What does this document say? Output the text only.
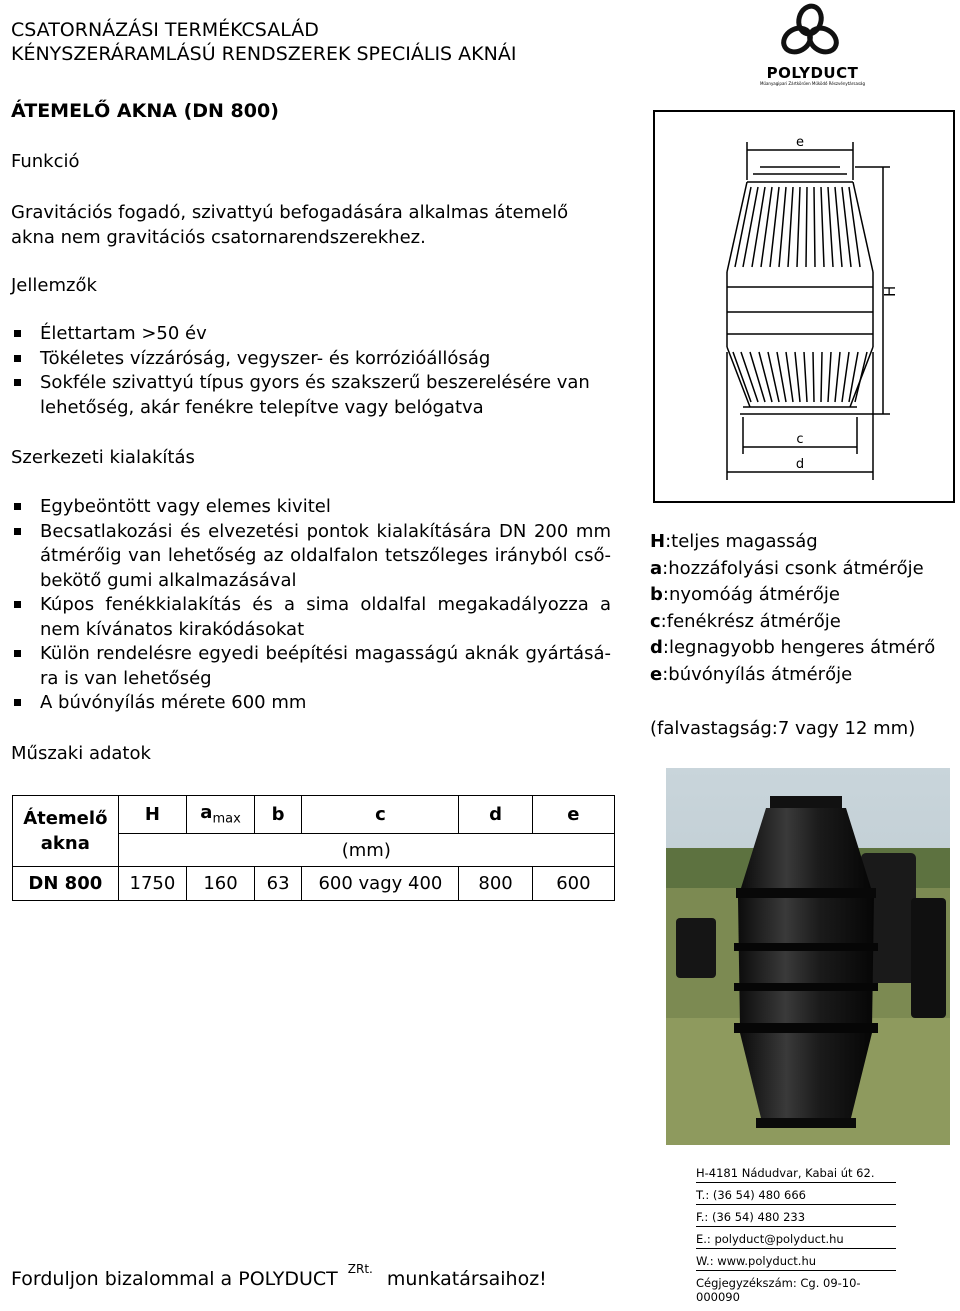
CSATORNÁZÁSI TERMÉKCSALÁD
KÉNYSZERÁRAMLÁSÚ RENDSZEREK SPECIÁLIS AKNÁI
POLYDUCT
Műanyagipari Zártkörűen Működő Részvénytársaság
ÁTEMELŐ AKNA (DN 800)
Funkció
Gravitációs fogadó, szivattyú befogadására alkalmas átemelő akna nem gravitációs csatornarendszerekhez.
Jellemzők
Élettartam >50 év
Tökéletes vízzáróság, vegyszer- és korrózióállóság
Sokféle szivattyú típus gyors és szakszerű beszerelésére van lehetőség, akár fenékre telepítve vagy belógatva
Szerkezeti kialakítás
Egybeöntött vagy elemes kivitel
Becsatlakozási és elvezetési pontok kialakítására DN 200 mm átmérőig van lehetőség az oldalfalon tetszőleges irányból csőbekötő gumi alkalmazásával
Kúpos fenékkialakítás és a sima oldalfal megakadályozza a nem kívánatos kirakódásokat
Külön rendelésre egyedi beépítési magasságú aknák gyártására is van lehetőség
A búvónyílás mérete 600 mm
Műszaki adatok
Átemelő akna	H	$a_{max}$	b	c	d	e
	(mm)					
DN 800	1750	160	63	600 vagy 400	800	600
e
H
c
d
H:teljes magasság
a:hozzáfolyási csonk átmérője
b:nyomóág átmérője
c:fenékrész átmérője
d:legnagyobb hengeres átmérő
e:búvónyílás átmérője
(falvastagság:7 vagy 12 mm)
H-4181 Nádudvar, Kabai út 62.
T.: (36 54) 480 666
F.: (36 54) 480 233
E.: polyduct@polyduct.hu
W.: www.polyduct.hu
Cégjegyzékszám: Cg. 09-10-000090
Forduljon bizalommal a POLYDUCT $^{ZRt.}$ munkatársaihoz!
